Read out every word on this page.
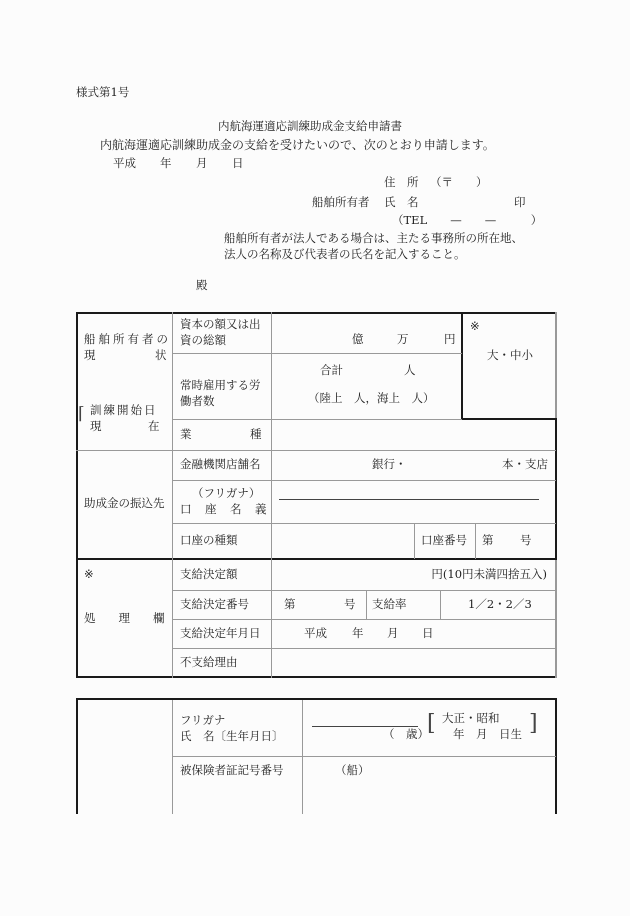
様式第1号
内航海運適応訓練助成金支給申請書
内航海運適応訓練助成金の支給を受けたいので、次のとおり申請します。
平成 年 月 日
住　所 （〒　　）
船舶所有者 氏　名	印
（TEL　　—　　—　　　）
船舶所有者が法人である場合は、主たる事務所の所在地、
法人の名称及び代表者の氏名を記入すること。
殿
船舶所有者の
現	状
⌈ 訓練開始日
現	在
資本の額又は出
資の総額	億	万	円
常時雇用する労
働者数
合計	人
（陸上　人，海上　人）
※
大・中小
業	種
助成金の振込先
金融機関店舗名	銀行・	本・支店
（フリガナ）
口　座　名　義
口座の種類	口座番号 第 号
※
処　　理　　欄
支給決定額	円(10円未満四捨五入)
支給決定番号	第	号 支給率	1／2・2／3
支給決定年月日	平成 年 月 日
不支給理由
フリガナ
氏　名〔生年月日〕	（　歳）
[ 大正・昭和
年　月　日生 ]
被保険者証記号番号	（船）
